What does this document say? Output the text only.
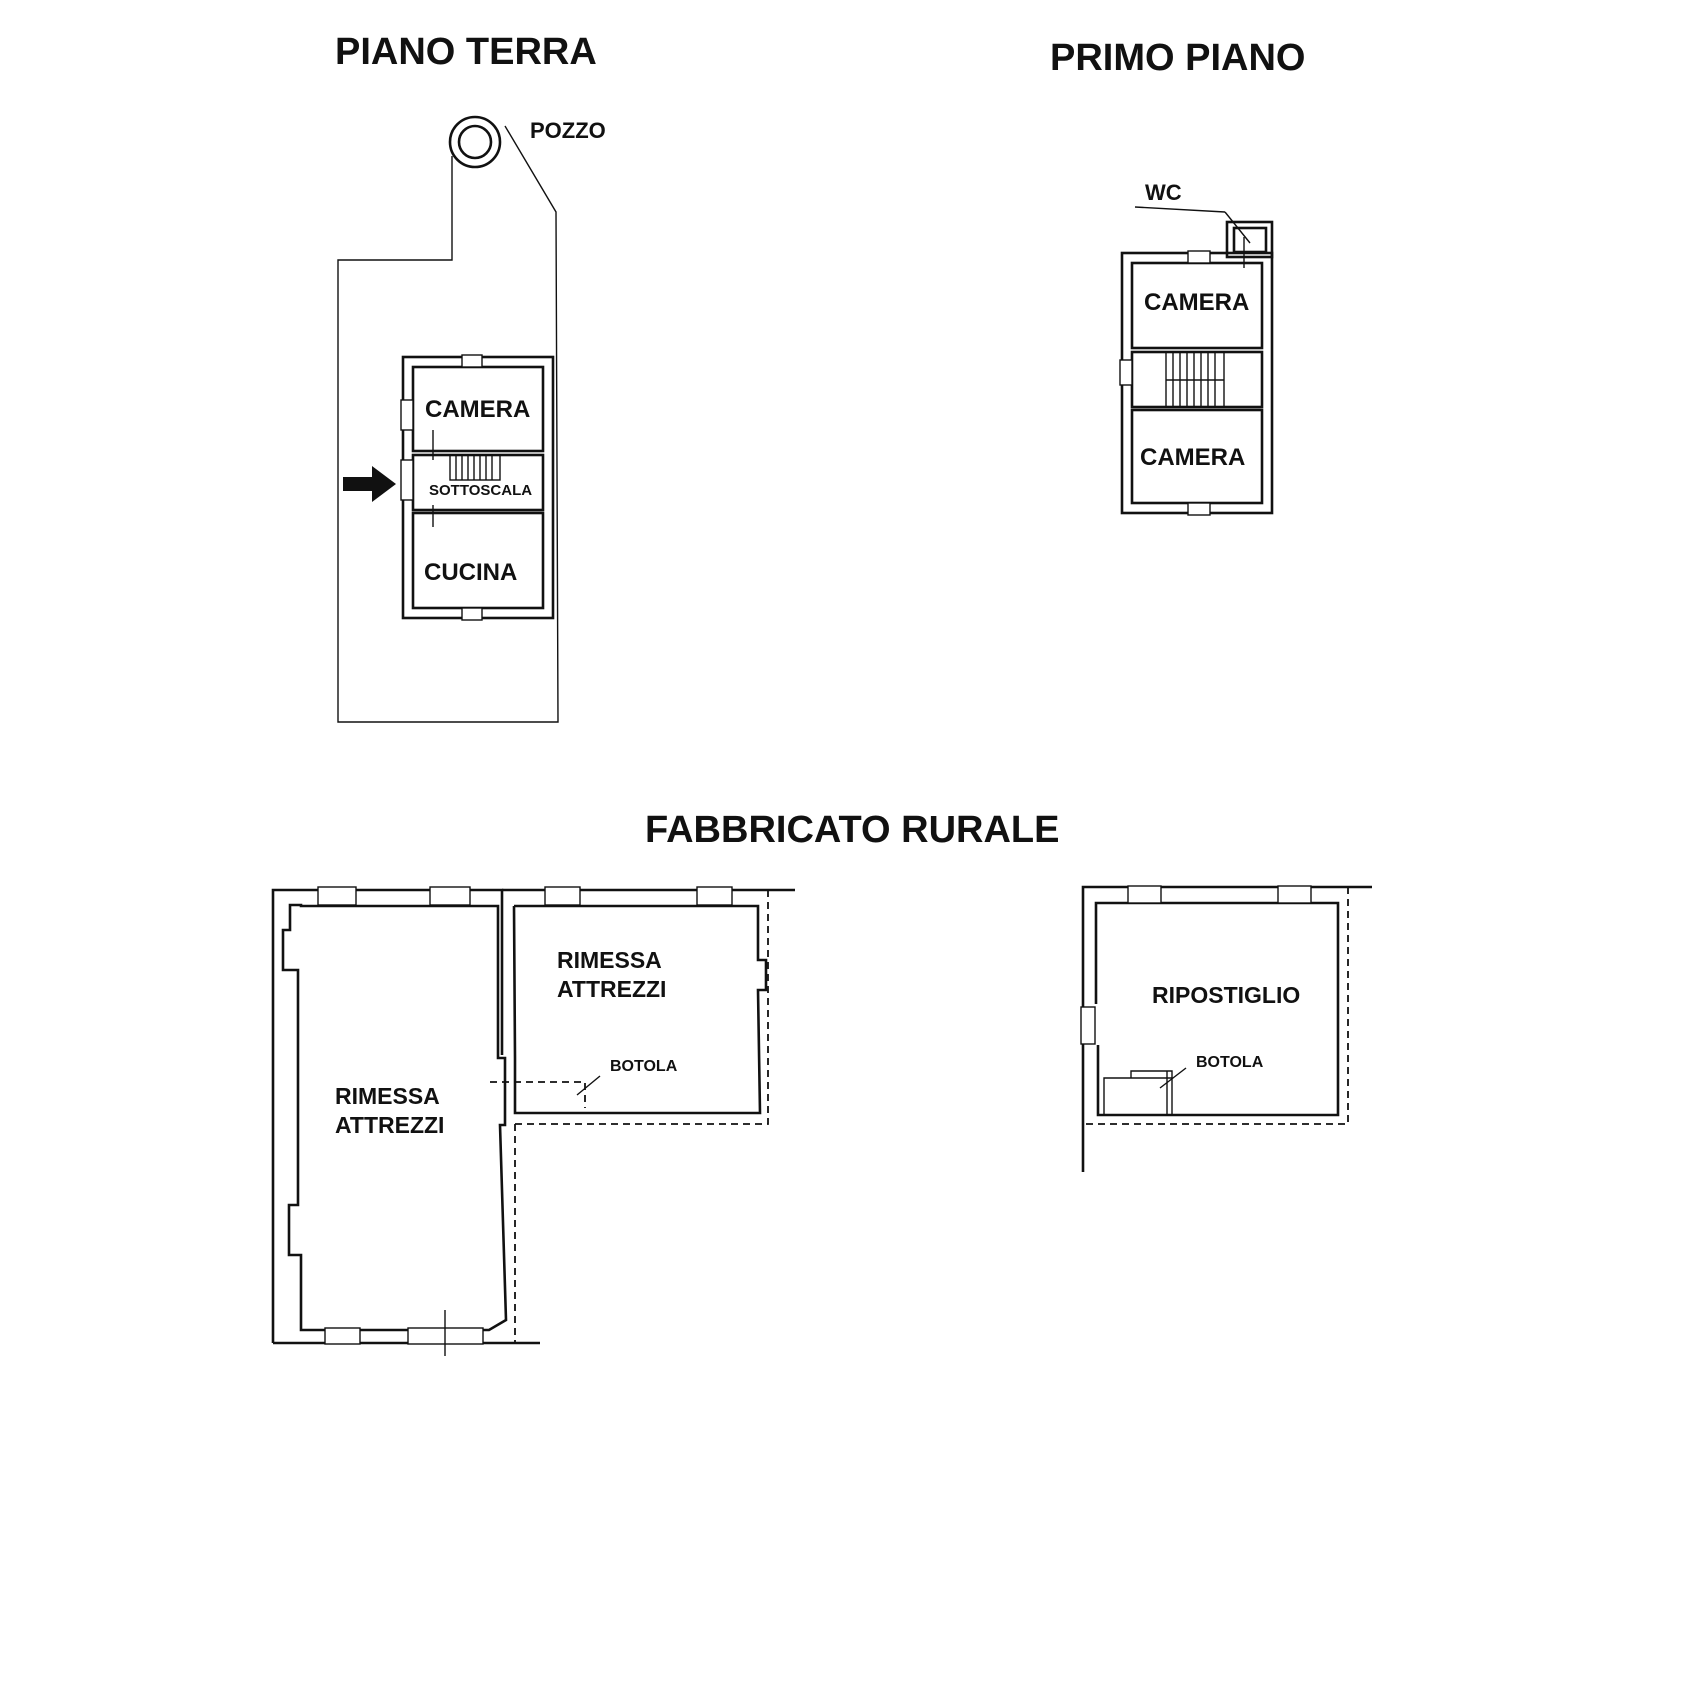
PIANO TERRA	PRIMO PIANO
FABBRICATO RURALE
POZZO
CAMERA
SOTTOSCALA
CUCINA
WC
CAMERA
CAMERA
RIMESSA
ATTREZZI
BOTOLA
RIMESSA
ATTREZZI
RIPOSTIGLIO
BOTOLA
